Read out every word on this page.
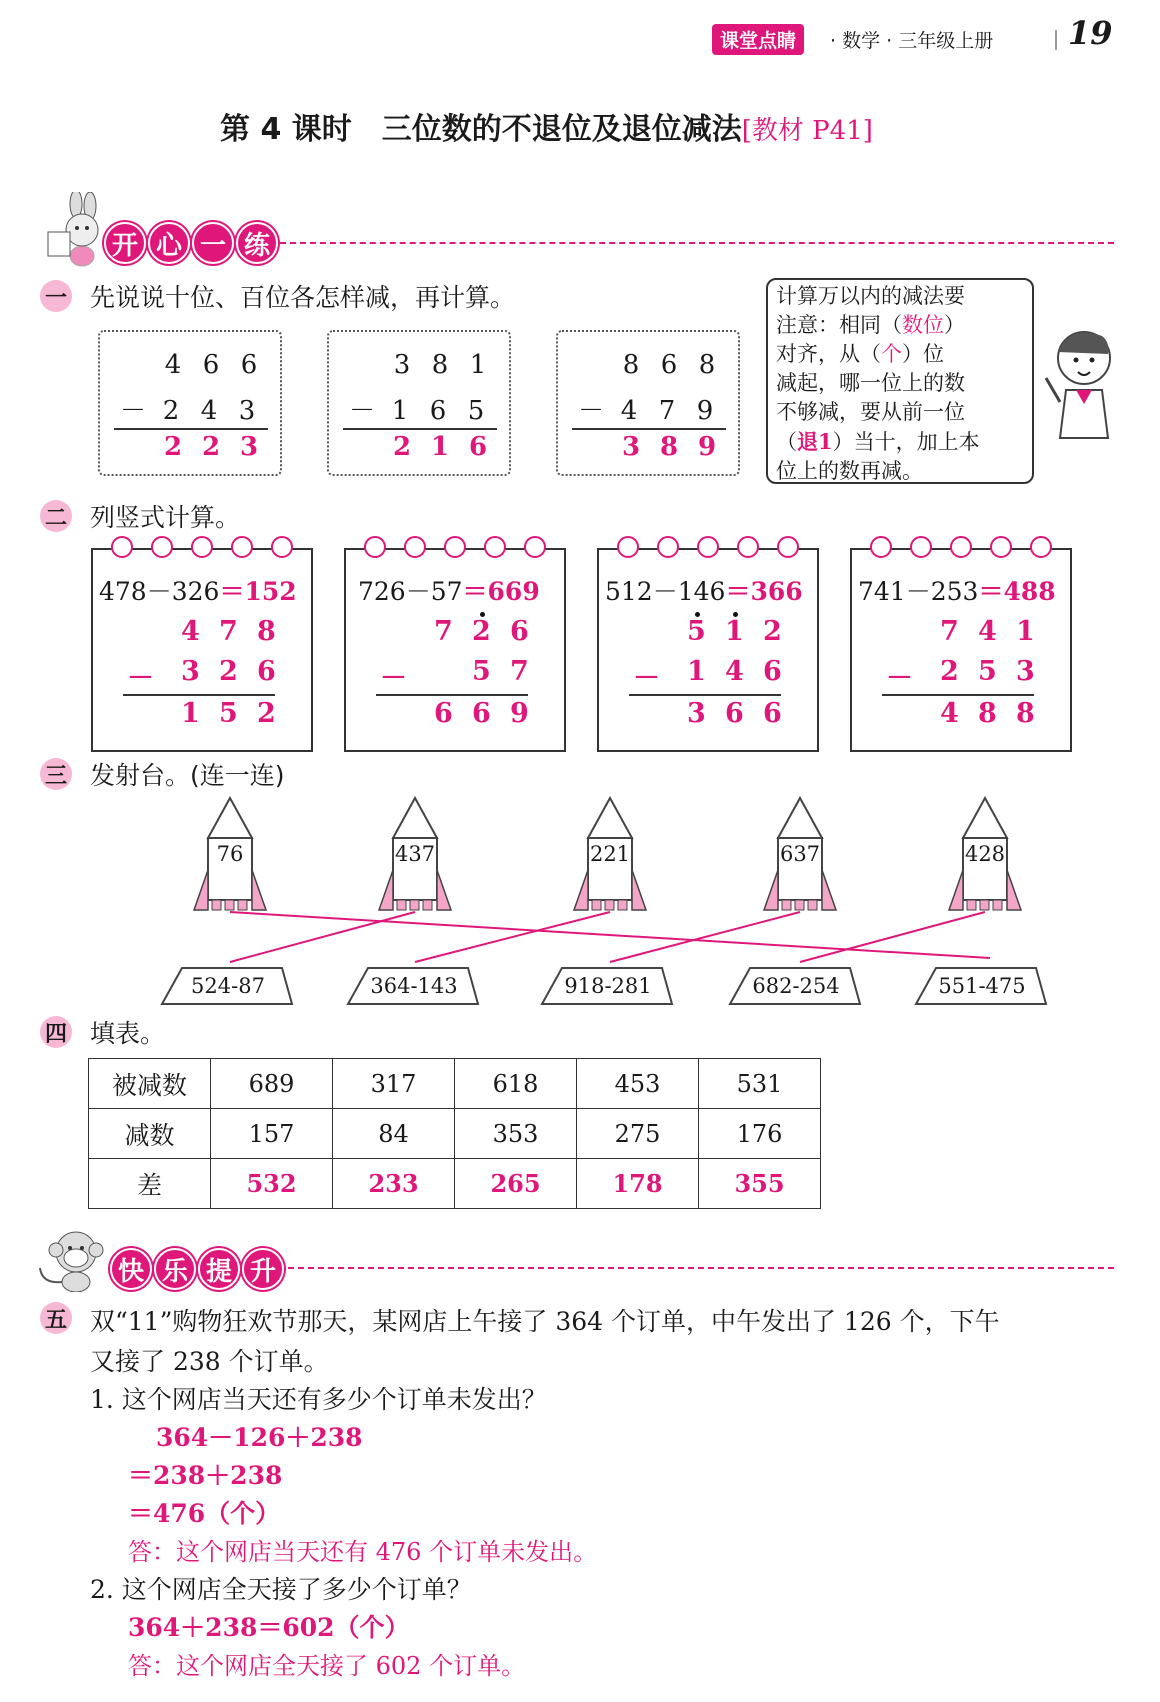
课堂点睛	· 数学 · 三年级上册 19
第 4 课时　三位数的不退位及退位减法[教材 P41]
开 心 一 练
一 先说说十位、百位各怎样减，再计算。
4 6 6
－ 2 4 3
2 2 3
3 8 1
－ 1 6 5
2 1 6
8 6 8
－ 4 7 9
3 8 9
计算万以内的减法要
注意：相同（数位）
对齐，从（个）位
减起，哪一位上的数
不够减，要从前一位
（退1）当十，加上本
位上的数再减。
二 列竖式计算。
478－326＝152
4 7 8
－ 3 2 6
1 5 2
726－57＝669
7 2 6
－ 5 7
6 6 9
512－146＝366
5 1 2
－ 1 4 6
3 6 6
741－253＝488
7 4 1
－ 2 5 3
4 8 8
三 发射台。(连一连)
76	437	221	637	428
524-87	364-143	918-281	682-254	551-475
四 填表。
被减数	689	317	618	453	531
减数	157	84	353	275	176
差	532	233	265	178	355
快 乐 提 升
五 双“11”购物狂欢节那天，某网店上午接了 364 个订单，中午发出了 126 个，下午
又接了 238 个订单。
1. 这个网店当天还有多少个订单未发出？
364－126＋238
＝238＋238
＝476（个）
答：这个网店当天还有 476 个订单未发出。
2. 这个网店全天接了多少个订单？
364＋238＝602（个）
答：这个网店全天接了 602 个订单。
